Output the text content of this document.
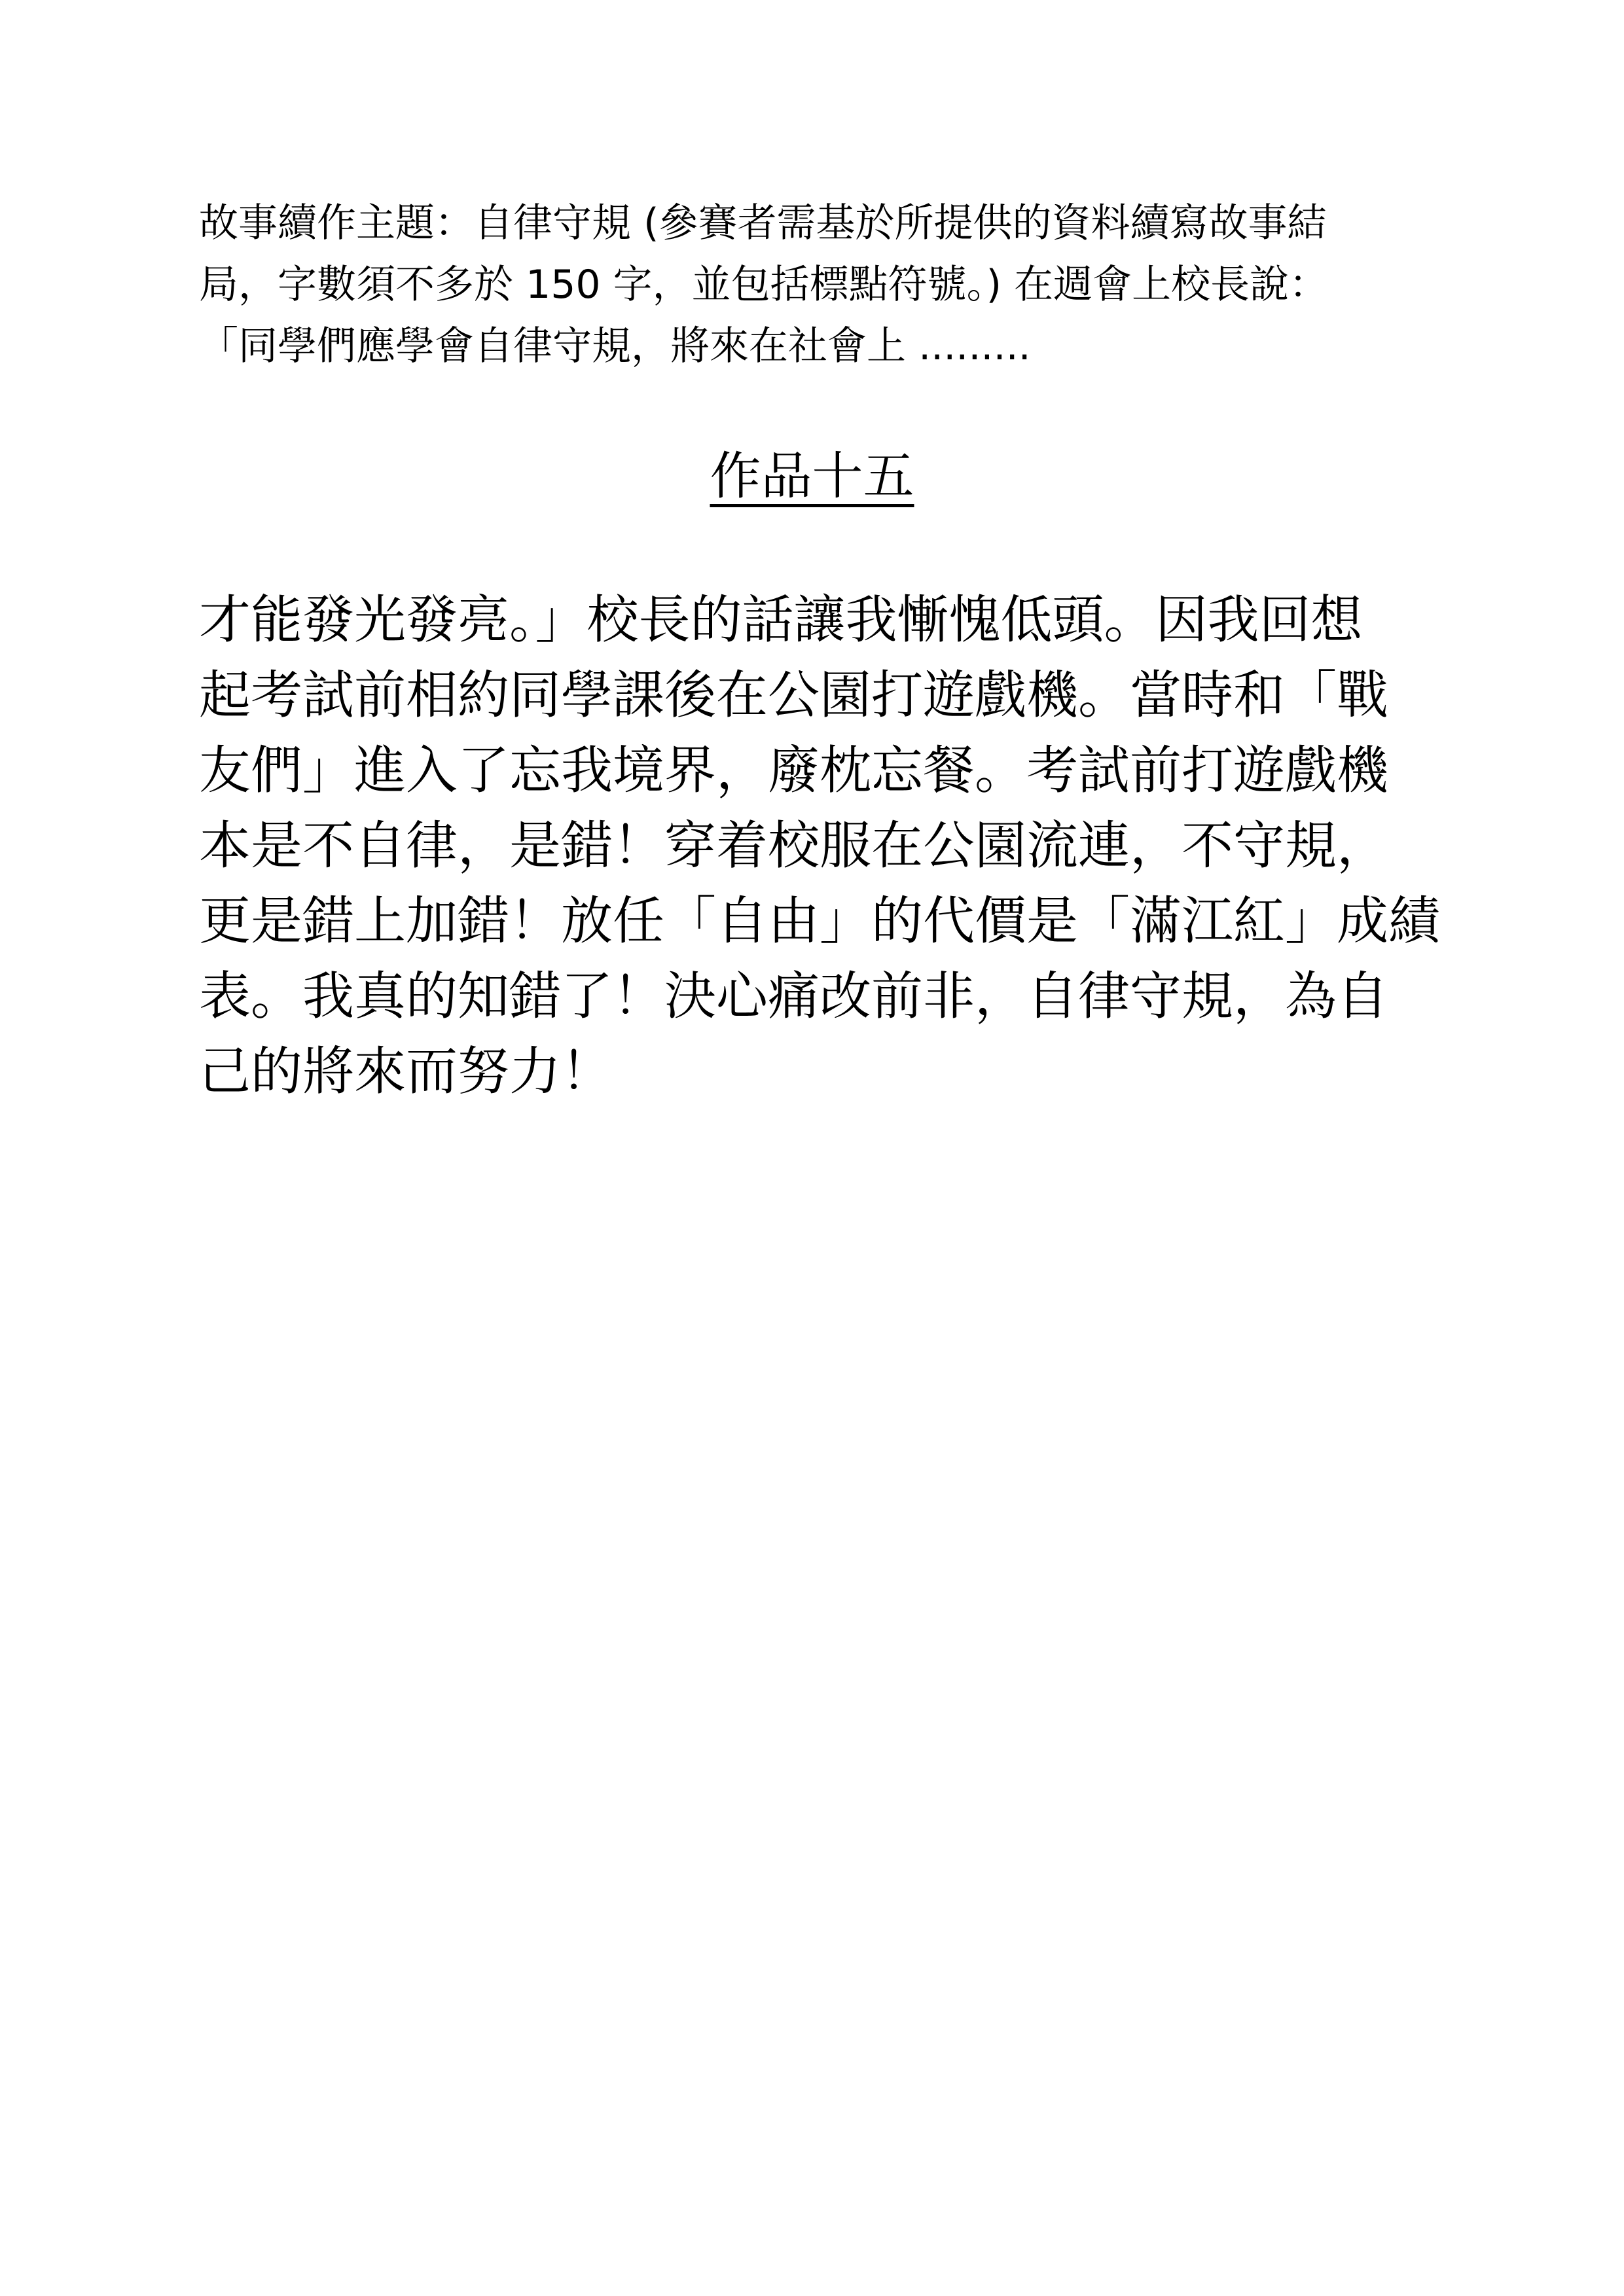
故事續作主題：自律守規 (參賽者需基於所提供的資料續寫故事結
局，字數須不多於 150 字，並包括標點符號。) 在週會上校長說：
「同學們應學會自律守規，將來在社會上 .........
作品十五
才能發光發亮。」校長的話讓我慚愧低頭。因我回想
起考試前相約同學課後在公園打遊戲機。當時和「戰
友們」進入了忘我境界，廢枕忘餐。考試前打遊戲機
本是不自律，是錯！穿着校服在公園流連，不守規，
更是錯上加錯！放任「自由」的代價是「滿江紅」成績
表。我真的知錯了！決心痛改前非，自律守規，為自
己的將來而努力！
